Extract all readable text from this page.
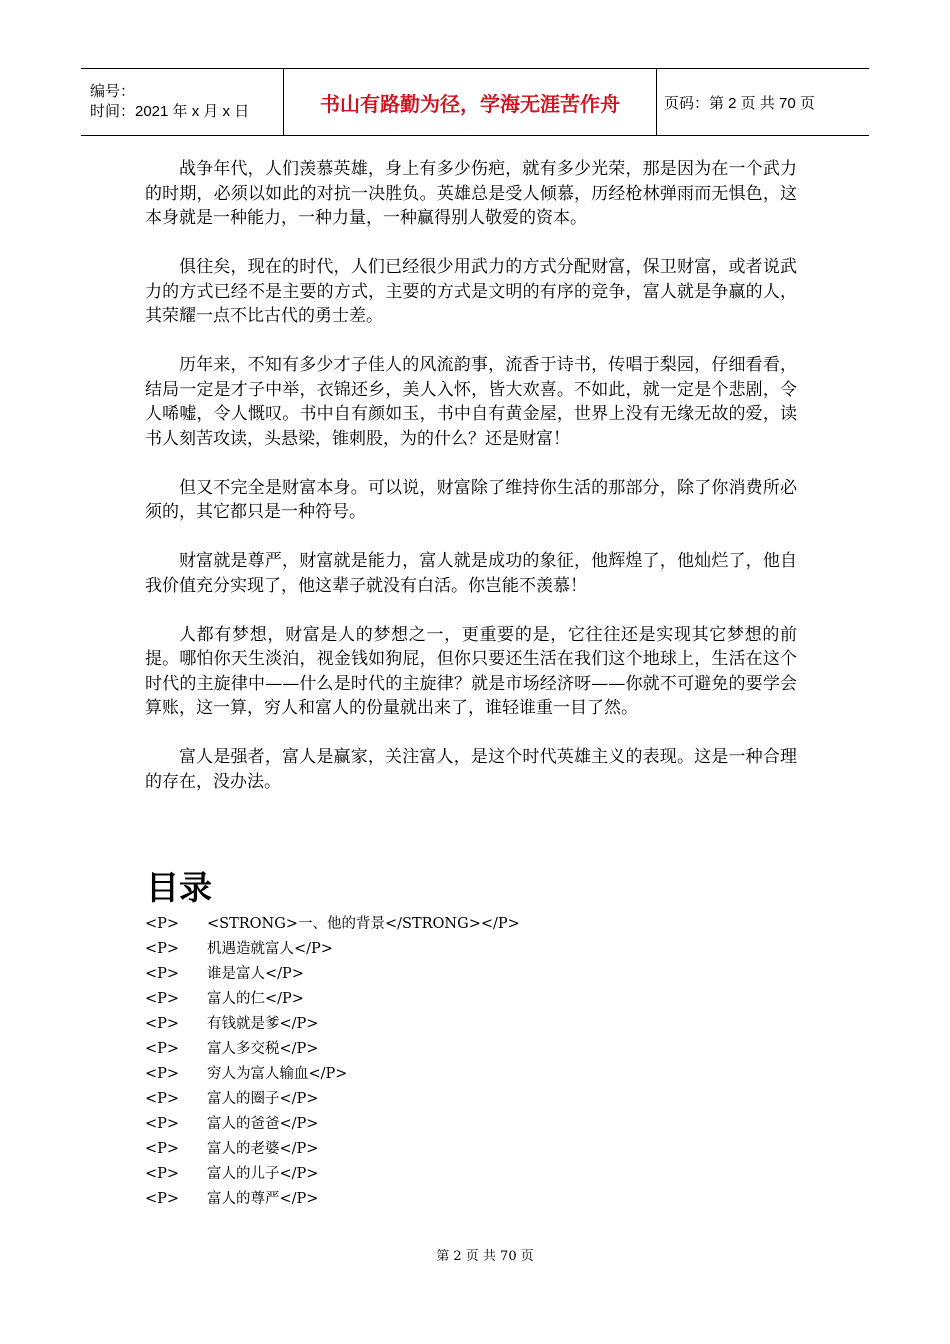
编号：
时间：2021 年 x 月 x 日	书山有路勤为径，学海无涯苦作舟	页码：第 2 页 共 70 页

战争年代，人们羡慕英雄，身上有多少伤疤，就有多少光荣，那是因为在一个武力的时期，必须以如此的对抗一决胜负。英雄总是受人倾慕，历经枪林弹雨而无惧色，这本身就是一种能力，一种力量，一种赢得别人敬爱的资本。

俱往矣，现在的时代，人们已经很少用武力的方式分配财富，保卫财富，或者说武力的方式已经不是主要的方式，主要的方式是文明的有序的竞争，富人就是争赢的人，其荣耀一点不比古代的勇士差。

历年来，不知有多少才子佳人的风流韵事，流香于诗书，传唱于梨园，仔细看看，结局一定是才子中举，衣锦还乡，美人入怀，皆大欢喜。不如此，就一定是个悲剧，令人唏嘘，令人慨叹。书中自有颜如玉，书中自有黄金屋，世界上没有无缘无故的爱，读书人刻苦攻读，头悬梁，锥刺股，为的什么？还是财富！

但又不完全是财富本身。可以说，财富除了维持你生活的那部分，除了你消费所必须的，其它都只是一种符号。

财富就是尊严，财富就是能力，富人就是成功的象征，他辉煌了，他灿烂了，他自我价值充分实现了，他这辈子就没有白活。你岂能不羡慕！

人都有梦想，财富是人的梦想之一，更重要的是，它往往还是实现其它梦想的前提。哪怕你天生淡泊，视金钱如狗屁，但你只要还生活在我们这个地球上，生活在这个时代的主旋律中——什么是时代的主旋律？就是市场经济呀——你就不可避免的要学会算账，这一算，穷人和富人的份量就出来了，谁轻谁重一目了然。

富人是强者，富人是赢家，关注富人，是这个时代英雄主义的表现。这是一种合理的存在，没办法。

目录
<P>	<STRONG>一、他的背景</STRONG></P>
<P>	机遇造就富人</P>
<P>	谁是富人</P>
<P>	富人的仁</P>
<P>	有钱就是爹</P>
<P>	富人多交税</P>
<P>	穷人为富人输血</P>
<P>	富人的圈子</P>
<P>	富人的爸爸</P>
<P>	富人的老婆</P>
<P>	富人的儿子</P>
<P>	富人的尊严</P>
第 2 页 共 70 页
